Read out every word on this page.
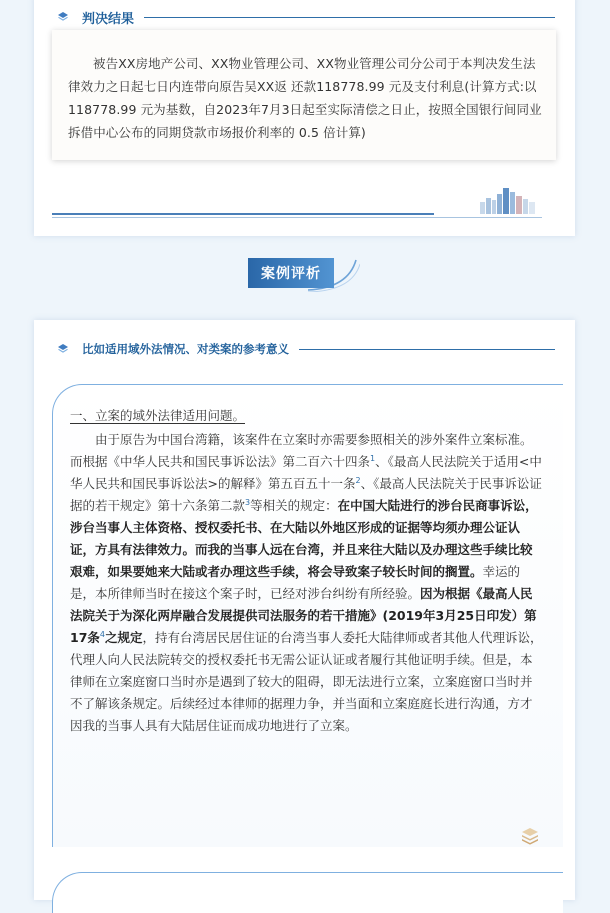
判决结果

被告XX房地产公司、XX物业管理公司、XX物业管理公司分公司于本判决发生法律效力之日起七日内连带向原告吴XX返 还款118778.99 元及支付利息(计算方式:以 118778.99 元为基数，自2023年7月3日起至实际清偿之日止，按照全国银行间同业拆借中心公布的同期贷款市场报价利率的 0.5 倍计算)

案例评析
比如适用域外法情况、对类案的参考意义

一、立案的域外法律适用问题。

由于原告为中国台湾籍，该案件在立案时亦需要参照相关的涉外案件立案标准。而根据《中华人民共和国民事诉讼法》第二百六十四条$^1$、《最高人民法院关于适用<中华人民共和国民事诉讼法>的解释》第五百五十一条$^2$、《最高人民法院关于民事诉讼证据的若干规定》第十六条第二款$^3$等相关的规定：在中国大陆进行的涉台民商事诉讼，涉台当事人主体资格、授权委托书、在大陆以外地区形成的证据等均须办理公证认证，方具有法律效力。而我的当事人远在台湾，并且来往大陆以及办理这些手续比较艰难，如果要她来大陆或者办理这些手续，将会导致案子较长时间的搁置。幸运的是，本所律师当时在接这个案子时，已经对涉台纠纷有所经验。因为根据《最高人民法院关于为深化两岸融合发展提供司法服务的若干措施》(2019年3月25日印发）第17条$^4$之规定，持有台湾居民居住证的台湾当事人委托大陆律师或者其他人代理诉讼，代理人向人民法院转交的授权委托书无需公证认证或者履行其他证明手续。但是，本律师在立案庭窗口当时亦是遇到了较大的阻碍，即无法进行立案，立案庭窗口当时并不了解该条规定。后续经过本律师的据理力争，并当面和立案庭庭长进行沟通，方才因我的当事人具有大陆居住证而成功地进行了立案。
